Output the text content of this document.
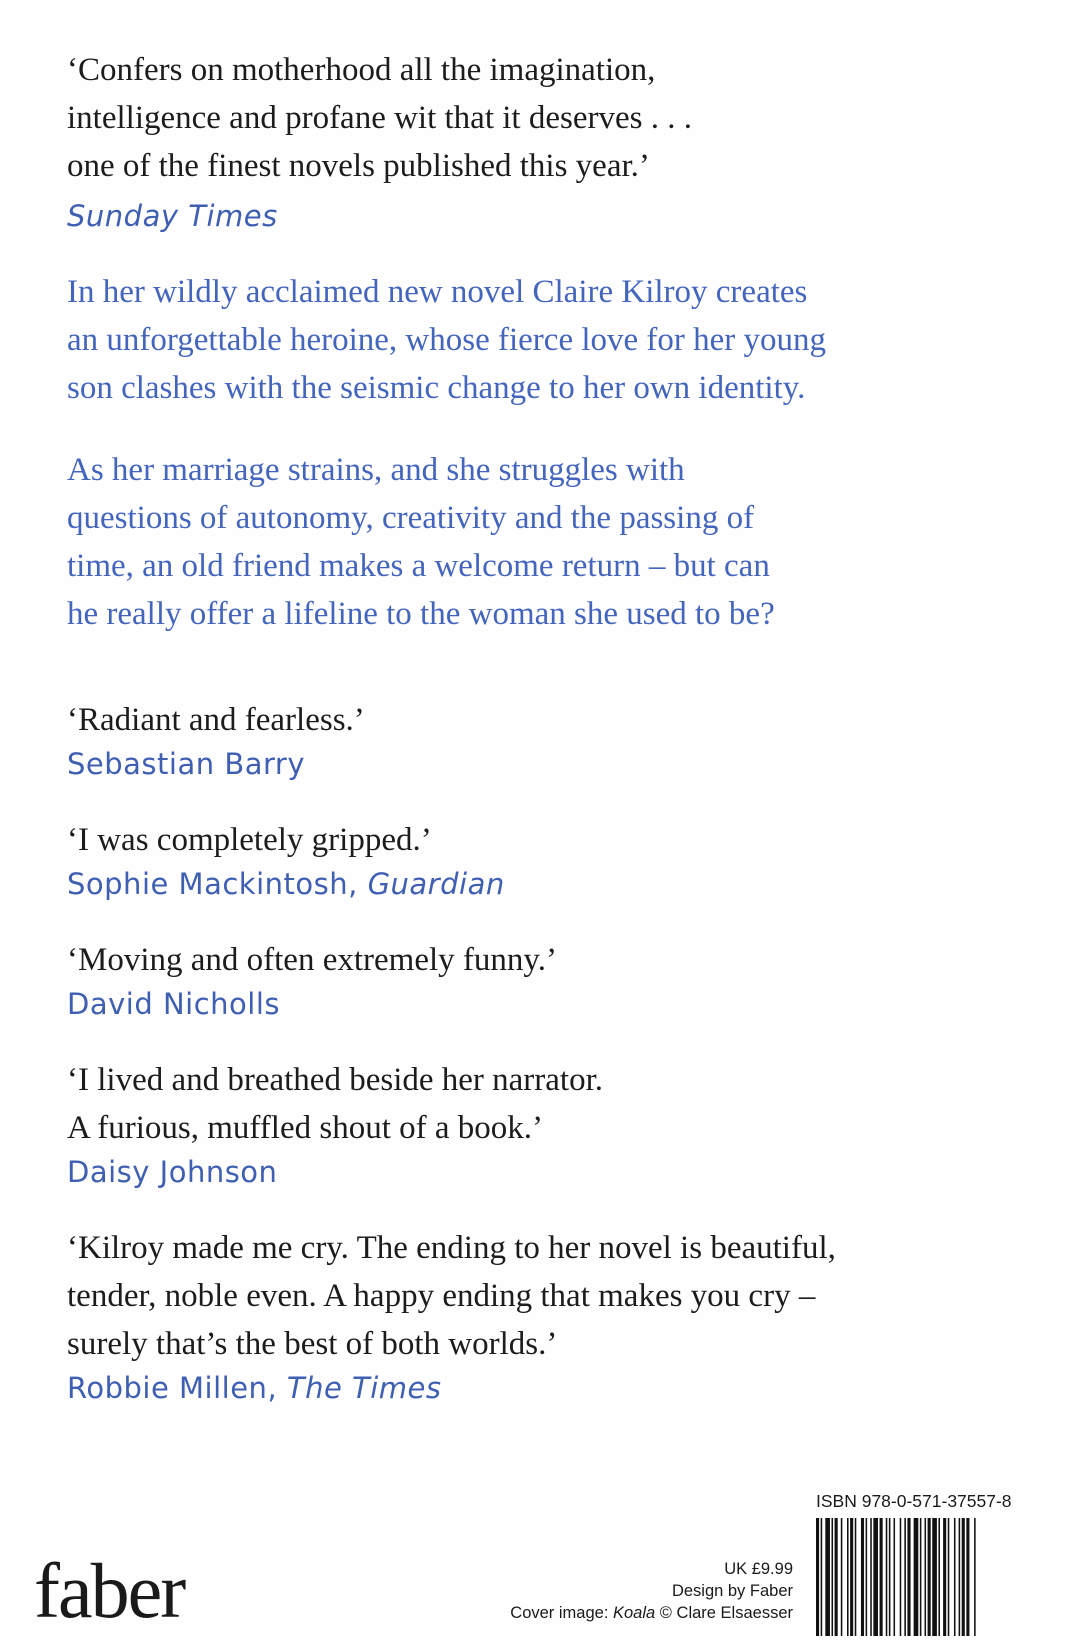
‘Confers on motherhood all the imagination,
intelligence and profane wit that it deserves . . .
one of the finest novels published this year.’

Sunday Times

In her wildly acclaimed new novel Claire Kilroy creates
an unforgettable heroine, whose fierce love for her young
son clashes with the seismic change to her own identity.

As her marriage strains, and she struggles with
questions of autonomy, creativity and the passing of
time, an old friend makes a welcome return – but can
he really offer a lifeline to the woman she used to be?

‘Radiant and fearless.’

Sebastian Barry

‘I was completely gripped.’

Sophie Mackintosh, Guardian

‘Moving and often extremely funny.’

David Nicholls

‘I lived and breathed beside her narrator.
A furious, muffled shout of a book.’

Daisy Johnson

‘Kilroy made me cry. The ending to her novel is beautiful,
tender, noble even. A happy ending that makes you cry –
surely that’s the best of both worlds.’

Robbie Millen, The Times

faber	UK £9.99
Design by Faber
Cover image: Koala © Clare Elsaesser
ISBN 978-0-571-37557-8
